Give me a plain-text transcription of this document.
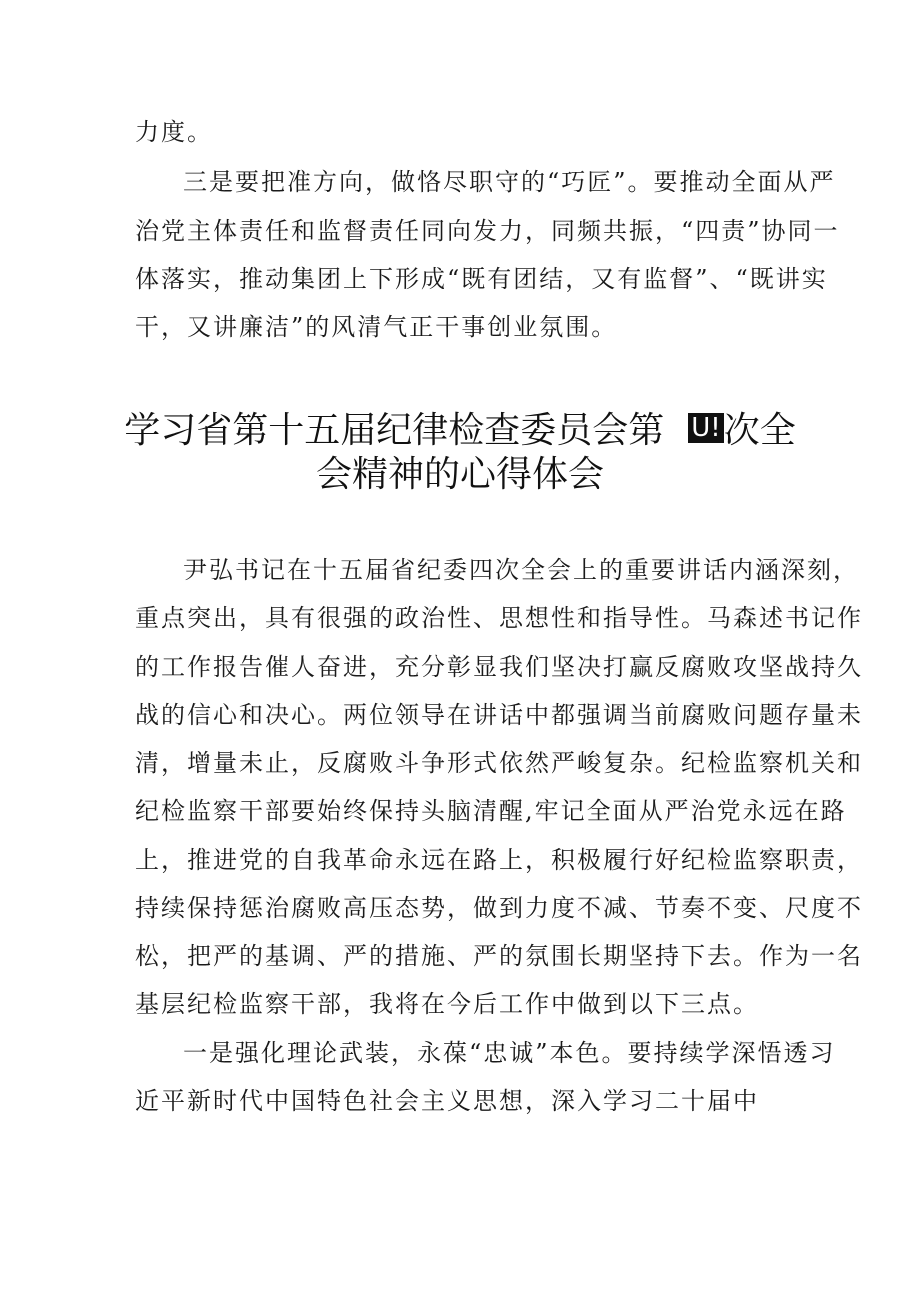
力度。
三是要把准方向，做恪尽职守的“巧匠”。要推动全面从严
治党主体责任和监督责任同向发力，同频共振，“四责”协同一
体落实，推动集团上下形成“既有团结，又有监督”、“既讲实
干，又讲廉洁”的风清气正干事创业氛围。
学习省第十五届纪律检查委员会第 U!次全
会精神的心得体会
尹弘书记在十五届省纪委四次全会上的重要讲话内涵深刻，
重点突出，具有很强的政治性、思想性和指导性。马森述书记作
的工作报告催人奋进，充分彰显我们坚决打赢反腐败攻坚战持久
战的信心和决心。两位领导在讲话中都强调当前腐败问题存量未
清，增量未止，反腐败斗争形式依然严峻复杂。纪检监察机关和
纪检监察干部要始终保持头脑清醒,牢记全面从严治党永远在路
上，推进党的自我革命永远在路上，积极履行好纪检监察职责，
持续保持惩治腐败高压态势，做到力度不减、节奏不变、尺度不
松，把严的基调、严的措施、严的氛围长期坚持下去。作为一名
基层纪检监察干部，我将在今后工作中做到以下三点。
一是强化理论武装，永葆“忠诚”本色。要持续学深悟透习
近平新时代中国特色社会主义思想，深入学习二十届中
